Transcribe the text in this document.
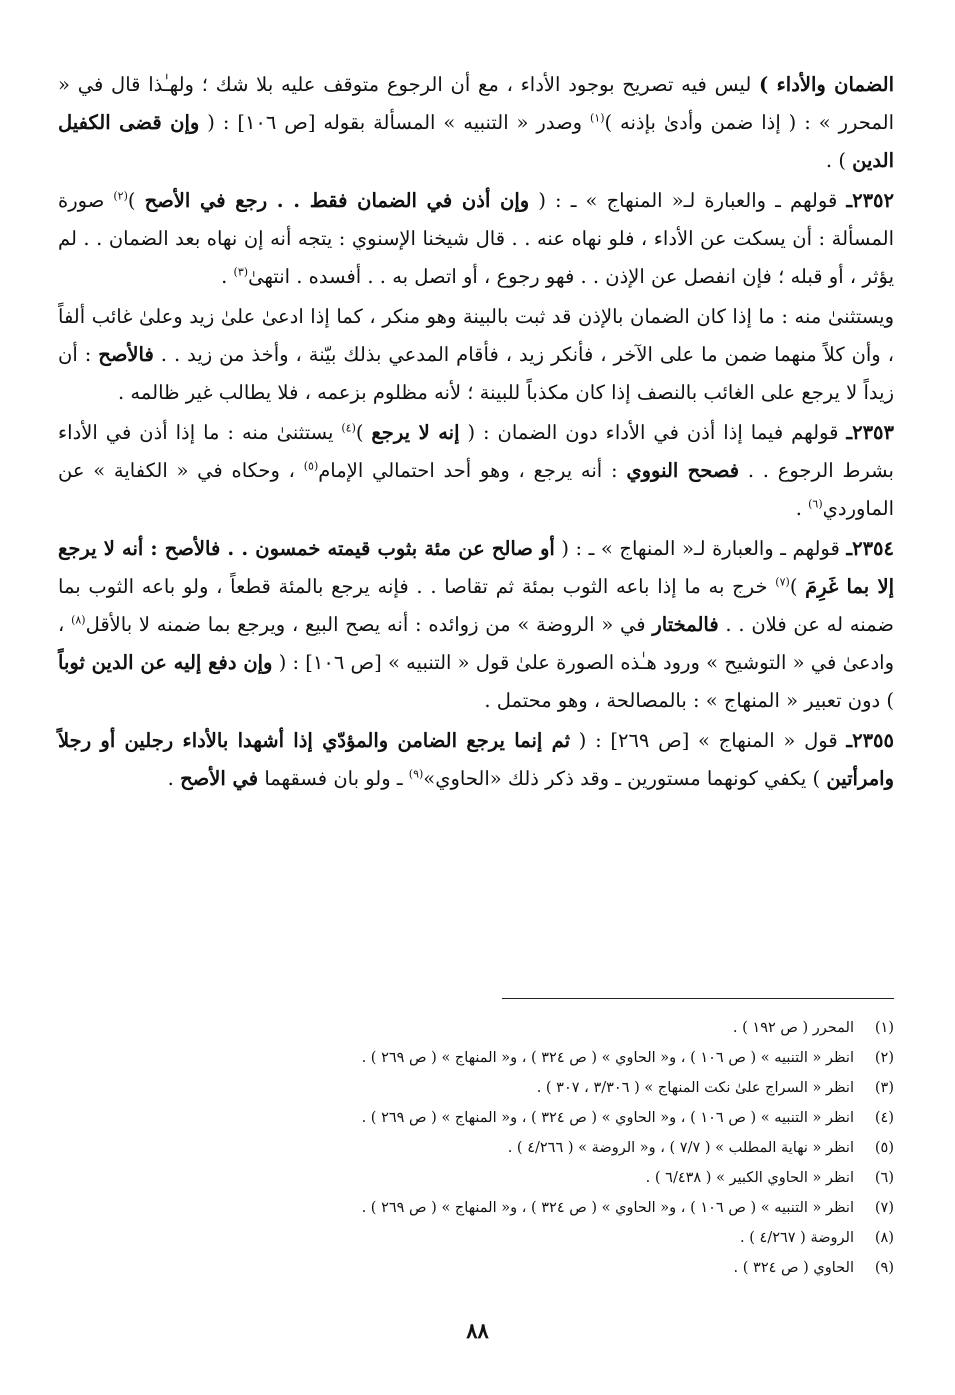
الضمان والأداء ) ليس فيه تصريح بوجود الأداء ، مع أن الرجوع متوقف عليه بلا شك ؛ ولهـٰذا قال في « المحرر » : ( إذا ضمن وأدىٰ بإذنه )$^{(١)}$ وصدر « التنبيه » المسألة بقوله [ص ١٠٦] : ( وإن قضى الكفيل الدين ) .

٢٣٥٢ـ قولهم ـ والعبارة لـ« المنهاج » ـ : ( وإن أذن في الضمان فقط . . رجع في الأصح )$^{(٢)}$ صورة المسألة : أن يسكت عن الأداء ، فلو نهاه عنه . . قال شيخنا الإسنوي : يتجه أنه إن نهاه بعد الضمان . . لم يؤثر ، أو قبله ؛ فإن انفصل عن الإذن . . فهو رجوع ، أو اتصل به . . أفسده . انتهىٰ$^{(٣)}$ .

ويستثنىٰ منه : ما إذا كان الضمان بالإذن قد ثبت بالبينة وهو منكر ، كما إذا ادعىٰ علىٰ زيد وعلىٰ غائب ألفاً ، وأن كلاً منهما ضمن ما على الآخر ، فأنكر زيد ، فأقام المدعي بذلك بيّنة ، وأخذ من زيد . . فالأصح : أن زيداً لا يرجع على الغائب بالنصف إذا كان مكذباً للبينة ؛ لأنه مظلوم بزعمه ، فلا يطالب غير ظالمه .

٢٣٥٣ـ قولهم فيما إذا أذن في الأداء دون الضمان : ( إنه لا يرجع )$^{(٤)}$ يستثنىٰ منه : ما إذا أذن في الأداء بشرط الرجوع . . فصحح النووي : أنه يرجع ، وهو أحد احتمالي الإمام$^{(٥)}$ ، وحكاه في « الكفاية » عن الماوردي$^{(٦)}$ .

٢٣٥٤ـ قولهم ـ والعبارة لـ« المنهاج » ـ : ( أو صالح عن مئة بثوب قيمته خمسون . . فالأصح : أنه لا يرجع إلا بما غَرِمَ )$^{(٧)}$ خرج به ما إذا باعه الثوب بمئة ثم تقاصا . . فإنه يرجع بالمئة قطعاً ، ولو باعه الثوب بما ضمنه له عن فلان . . فالمختار في « الروضة » من زوائده : أنه يصح البيع ، ويرجع بما ضمنه لا بالأقل$^{(٨)}$ ، وادعىٰ في « التوشيح » ورود هـٰذه الصورة علىٰ قول « التنبيه » [ص ١٠٦] : ( وإن دفع إليه عن الدين ثوباً ) دون تعبير « المنهاج » : بالمصالحة ، وهو محتمل .

٢٣٥٥ـ قول « المنهاج » [ص ٢٦٩] : ( ثم إنما يرجع الضامن والمؤدّي إذا أشهدا بالأداء رجلين أو رجلاً وامرأتين ) يكفي كونهما مستورين ـ وقد ذكر ذلك «الحاوي»$^{(٩)}$ ـ ولو بان فسقهما في الأصح .

(١)
المحرر ( ص ١٩٢ ) .
(٢)
انظر « التنبيه » ( ص ١٠٦ ) ، و« الحاوي » ( ص ٣٢٤ ) ، و« المنهاج » ( ص ٢٦٩ ) .
(٣)
انظر « السراج علىٰ نكت المنهاج » ( ٣/٣٠٦ ، ٣٠٧ ) .
(٤)
انظر « التنبيه » ( ص ١٠٦ ) ، و« الحاوي » ( ص ٣٢٤ ) ، و« المنهاج » ( ص ٢٦٩ ) .
(٥)
انظر « نهاية المطلب » ( ٧/٧ ) ، و« الروضة » ( ٤/٢٦٦ ) .
(٦)
انظر « الحاوي الكبير » ( ٦/٤٣٨ ) .
(٧)
انظر « التنبيه » ( ص ١٠٦ ) ، و« الحاوي » ( ص ٣٢٤ ) ، و« المنهاج » ( ص ٢٦٩ ) .
(٨)
الروضة ( ٤/٢٦٧ ) .
(٩)
الحاوي ( ص ٣٢٤ ) .
٨٨
